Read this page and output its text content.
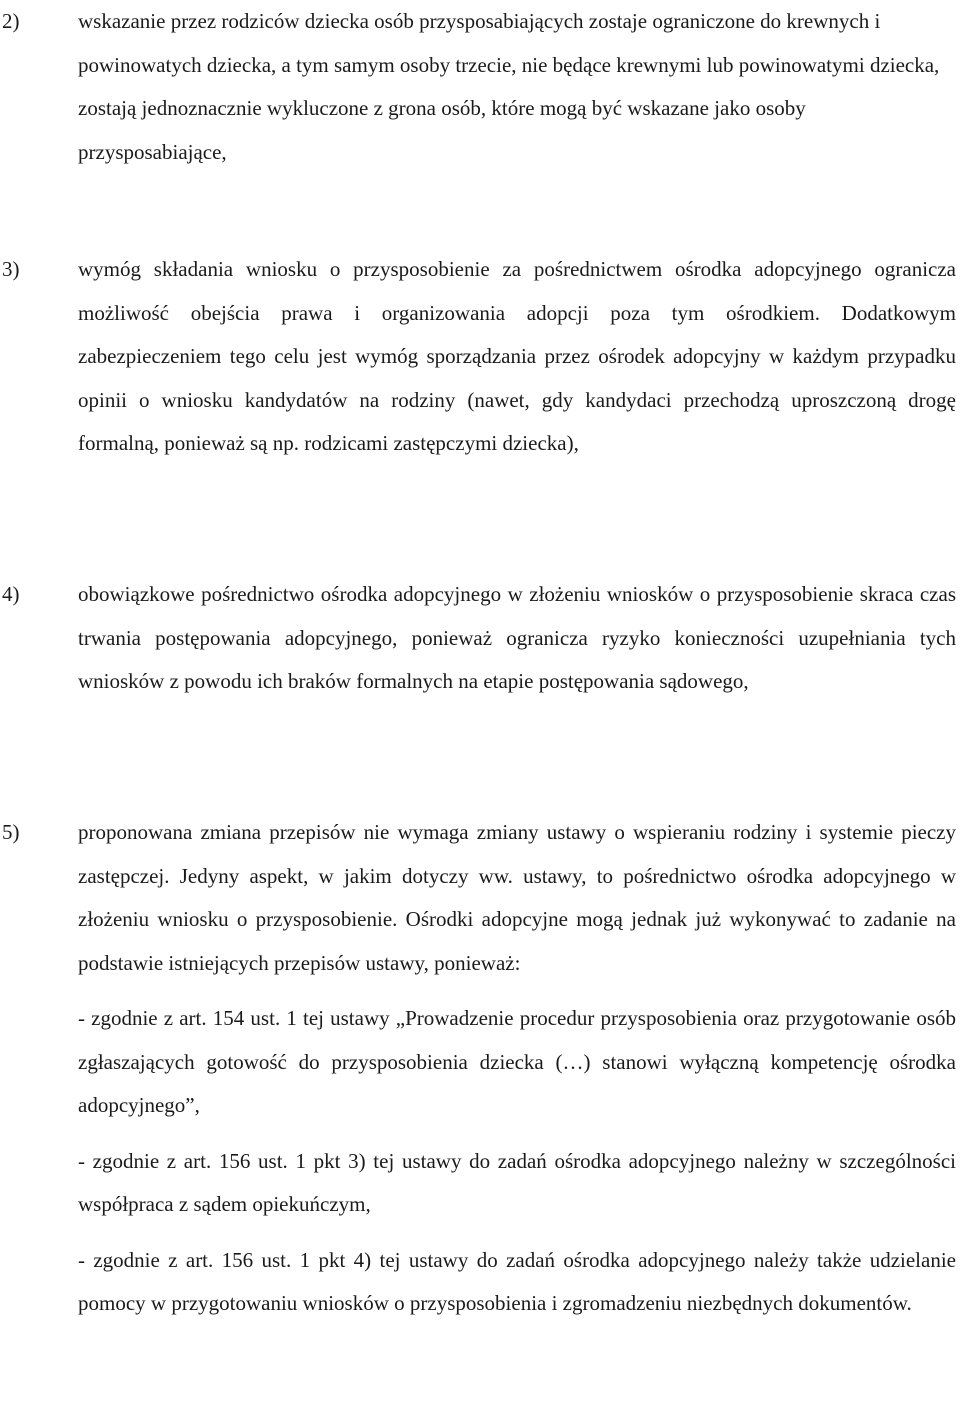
2)	wskazanie przez rodziców dziecka osób przysposabiających zostaje ograniczone do krewnych i powinowatych dziecka, a tym samym osoby trzecie, nie będące krewnymi lub powinowatymi dziecka, zostają jednoznacznie wykluczone z grona osób, które mogą być wskazane jako osoby przysposabiające,

3)	wymóg składania wniosku o przysposobienie za pośrednictwem ośrodka adopcyjnego ogranicza możliwość obejścia prawa i organizowania adopcji poza tym ośrodkiem. Dodatkowym zabezpieczeniem tego celu jest wymóg sporządzania przez ośrodek adopcyjny w każdym przypadku opinii o wniosku kandydatów na rodziny (nawet, gdy kandydaci przechodzą uproszczoną drogę formalną, ponieważ są np. rodzicami zastępczymi dziecka),

4)	obowiązkowe pośrednictwo ośrodka adopcyjnego w złożeniu wniosków o przysposobienie skraca czas trwania postępowania adopcyjnego, ponieważ ogranicza ryzyko konieczności uzupełniania tych wniosków z powodu ich braków formalnych na etapie postępowania sądowego,

5)	proponowana zmiana przepisów nie wymaga zmiany ustawy o wspieraniu rodziny i systemie pieczy zastępczej. Jedyny aspekt, w jakim dotyczy ww. ustawy, to pośrednictwo ośrodka adopcyjnego w złożeniu wniosku o przysposobienie. Ośrodki adopcyjne mogą jednak już wykonywać to zadanie na podstawie istniejących przepisów ustawy, ponieważ:

- zgodnie z art. 154 ust. 1 tej ustawy „Prowadzenie procedur przysposobienia oraz przygotowanie osób zgłaszających gotowość do przysposobienia dziecka (…) stanowi wyłączną kompetencję ośrodka adopcyjnego”,

- zgodnie z art. 156 ust. 1 pkt 3) tej ustawy do zadań ośrodka adopcyjnego należny w szczególności współpraca z sądem opiekuńczym,

- zgodnie z art. 156 ust. 1 pkt 4) tej ustawy do zadań ośrodka adopcyjnego należy także udzielanie pomocy w przygotowaniu wniosków o przysposobienia i zgromadzeniu niezbędnych dokumentów.
